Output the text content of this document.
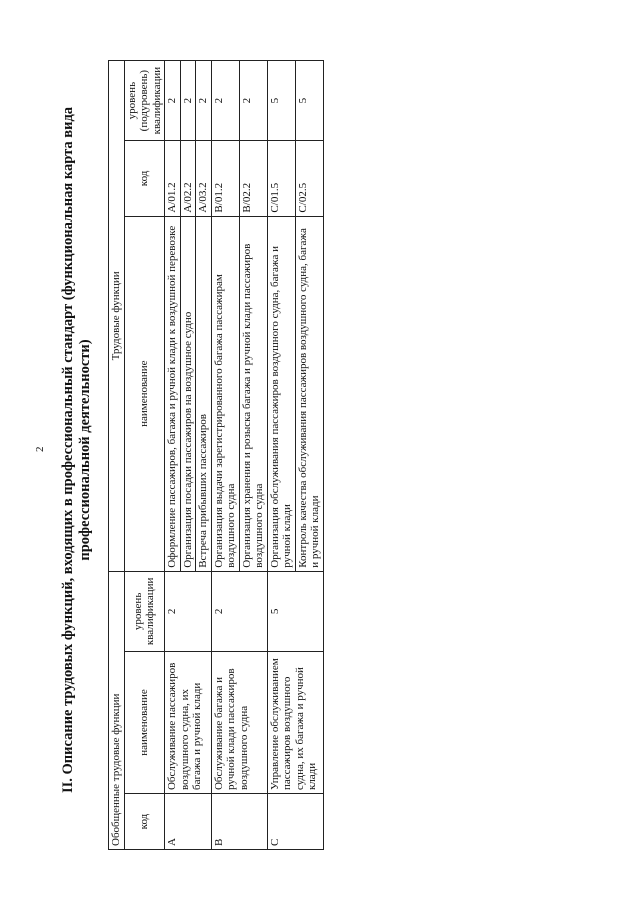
2 II. Описание трудовых функций, входящих в профессиональный стандарт (функциональная карта вида профессиональной деятельности)
Обобщенные трудовые функции			Трудовые функции		
код	наименование	уровень квалификации	наименование	код	уровень (подуровень) квалификации
A	Обслуживание пассажиров воздушного судна, их багажа и ручной клади	2	Оформление пассажиров, багажа и ручной клади к воздушной перевозке	A/01.2	2
			Организация посадки пассажиров на воздушное судно	A/02.2	2
			Встреча прибывших пассажиров	A/03.2	2
B	Обслуживание багажа и ручной клади пассажиров воздушного судна	2	Организация выдачи зарегистрированного багажа пассажирам воздушного судна	B/01.2	2
			Организация хранения и розыска багажа и ручной клади пассажиров воздушного судна	B/02.2	2
C	Управление обслуживанием пассажиров воздушного судна, их багажа и ручной клади	5	Организация обслуживания пассажиров воздушного судна, багажа и ручной клади	C/01.5	5
			Контроль качества обслуживания пассажиров воздушного судна, багажа и ручной клади	C/02.5	5
